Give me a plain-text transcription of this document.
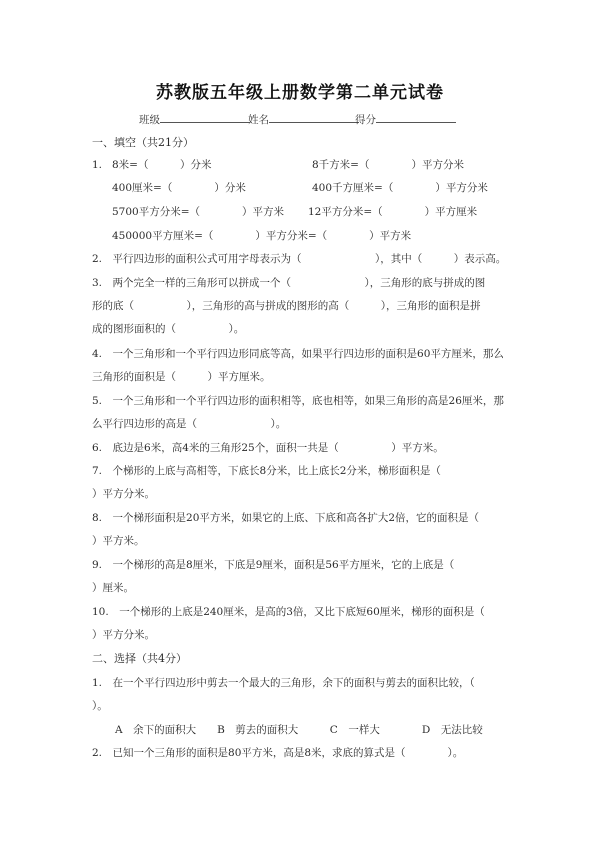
苏教版五年级上册数学第二单元试卷
班级	姓名	得分
一、填空（共21分）
1. 8米=（　　　）分米	8千方米=（　　　　）平方分米
400厘米=（　　　　）分米	400千方厘米=（　　　　）平方分米
5700平方分米=（　　　　）平方米 12平方分米=（　　　　）平方厘米
450000平方厘米=（　　　　）平方分米=（　　　　）平方米
2.　平行四边形的面积公式可用字母表示为（　　　　　　　），其中（　　　）表示高。
3.　两个完全一样的三角形可以拼成一个（　　　　　　　），三角形的底与拼成的图
形的底（　　　　　），三角形的高与拼成的图形的高（　　　），三角形的面积是拼
成的图形面积的（　　　　　）。
4.　一个三角形和一个平行四边形同底等高，如果平行四边形的面积是60平方厘米，那么
三角形的面积是（　　　）平方厘米。
5.　一个三角形和一个平行四边形的面积相等，底也相等，如果三角形的高是26厘米，那
么平行四边形的高是（　　　　　　　）。
6.　底边是6米，高4米的三角形25个，面积一共是（　　　　　）平方米。
7.　个梯形的上底与高相等，下底长8分米，比上底长2分米，梯形面积是（
）平方分米。
8.　一个梯形面积是20平方米，如果它的上底、下底和高各扩大2倍，它的面积是（
）平方米。
9.　一个梯形的高是8厘米，下底是9厘米，面积是56平方厘米，它的上底是（
）厘米。
10.　一个梯形的上底是240厘米，是高的3倍，又比下底短60厘米，梯形的面积是（
）平方分米。
二、选择（共4分）
1.　在一个平行四边形中剪去一个最大的三角形，余下的面积与剪去的面积比较，（
）。
A　余下的面积大　　B　剪去的面积大　　　C　一样大　　　　D　无法比较
2.　已知一个三角形的面积是80平方米，高是8米，求底的算式是（　　　　）。
